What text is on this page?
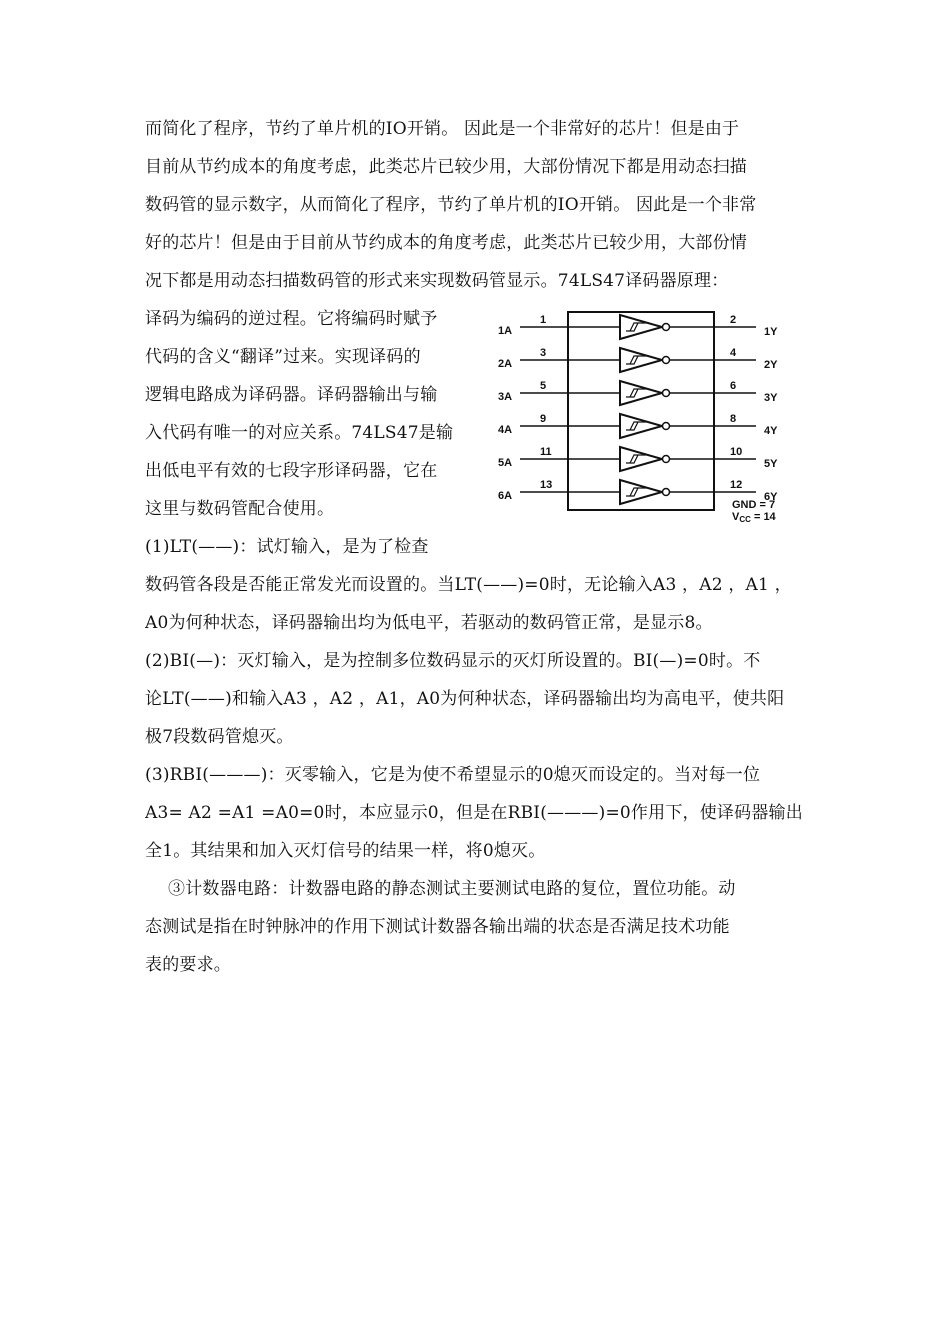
而简化了程序，节约了单片机的IO开销。 因此是一个非常好的芯片！但是由于
目前从节约成本的角度考虑，此类芯片已较少用，大部份情况下都是用动态扫描
数码管的显示数字，从而简化了程序，节约了单片机的IO开销。 因此是一个非常
好的芯片！但是由于目前从节约成本的角度考虑，此类芯片已较少用，大部份情
况下都是用动态扫描数码管的形式来实现数码管显示。74LS47译码器原理：
译码为编码的逆过程。它将编码时赋予
代码的含义“翻译”过来。实现译码的
逻辑电路成为译码器。译码器输出与输
入代码有唯一的对应关系。74LS47是输
出低电平有效的七段字形译码器，它在
这里与数码管配合使用。
(1)LT(——)：试灯输入，是为了检查
数码管各段是否能正常发光而设置的。当LT(——)=0时，无论输入A3 ，A2 ，A1 ，
A0为何种状态，译码器输出均为低电平，若驱动的数码管正常，是显示8。
(2)BI(—)：灭灯输入，是为控制多位数码显示的灭灯所设置的。BI(—)=0时。不
论LT(——)和输入A3 ，A2 ，A1，A0为何种状态，译码器输出均为高电平，使共阳
极7段数码管熄灭。
(3)RBI(———)：灭零输入，它是为使不希望显示的0熄灭而设定的。当对每一位
A3= A2 =A1 =A0=0时，本应显示0，但是在RBI(———)=0作用下，使译码器输出
全1。其结果和加入灭灯信号的结果一样，将0熄灭。
③计数器电路：计数器电路的静态测试主要测试电路的复位，置位功能。动
态测试是指在时钟脉冲的作用下测试计数器各输出端的状态是否满足技术功能
表的要求。
1A
1	2
1Y
2A
3	4
2Y
3A
5	6
3Y
4A
9	8
4Y
5A
11	10
5Y
6A
13	12
6Y
GND = 7
VCC = 14
